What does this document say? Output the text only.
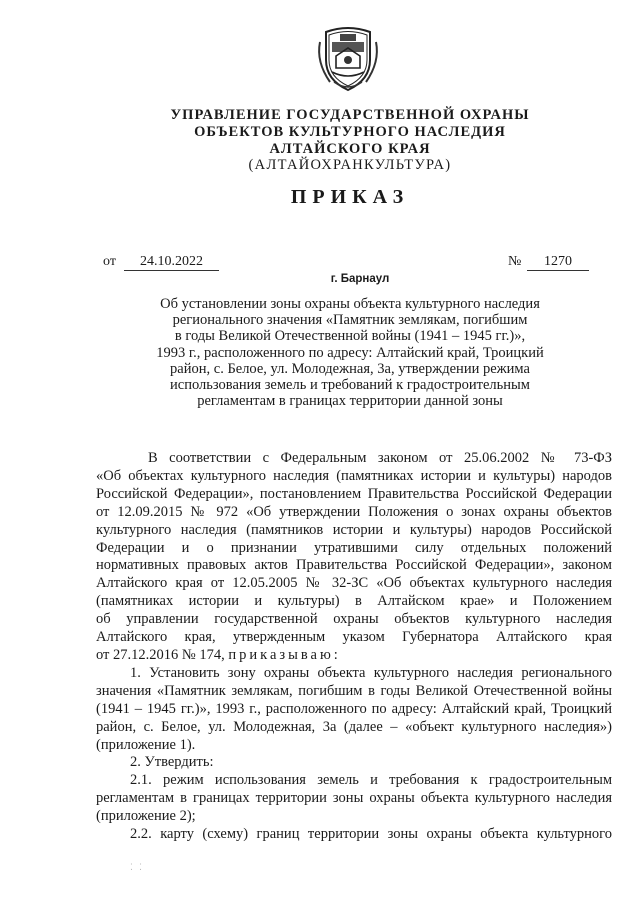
УПРАВЛЕНИЕ ГОСУДАРСТВЕННОЙ ОХРАНЫ
ОБЪЕКТОВ КУЛЬТУРНОГО НАСЛЕДИЯ
АЛТАЙСКОГО КРАЯ
(АЛТАЙОХРАНКУЛЬТУРА)
ПРИКАЗ
от	24.10.2022	№	1270
г. Барнаул
Об установлении зоны охраны объекта культурного наследия
регионального значения «Памятник землякам, погибшим
в годы Великой Отечественной войны (1941 – 1945 гг.)»,
1993 г., расположенного по адресу: Алтайский край, Троицкий
район, с. Белое, ул. Молодежная, 3а, утверждении режима
использования земель и требований к градостроительным
регламентам в границах территории данной зоны
В соответствии с Федеральным законом от 25.06.2002 № 73-ФЗ
«Об объектах культурного наследия (памятниках истории и культуры) народов
Российской Федерации», постановлением Правительства Российской Федерации
от 12.09.2015 № 972 «Об утверждении Положения о зонах охраны объектов
культурного наследия (памятников истории и культуры) народов Российской
Федерации и о признании утратившими силу отдельных положений
нормативных правовых актов Правительства Российской Федерации», законом
Алтайского края от 12.05.2005 № 32-ЗС «Об объектах культурного наследия
(памятниках истории и культуры) в Алтайском крае» и Положением
об управлении государственной охраны объектов культурного наследия
Алтайского края, утвержденным указом Губернатора Алтайского края
от 27.12.2016 № 174, приказываю:
1. Установить зону охраны объекта культурного наследия регионального
значения «Памятник землякам, погибшим в годы Великой Отечественной войны
(1941 – 1945 гг.)», 1993 г., расположенного по адресу: Алтайский край, Троицкий
район, с. Белое, ул. Молодежная, 3а (далее – «объект культурного наследия»)
(приложение 1).
2. Утвердить:
2.1. режим использования земель и требования к градостроительным
регламентам в границах территории зоны охраны объекта культурного наследия
(приложение 2);
2.2. карту (схему) границ территории зоны охраны объекта культурного
⁚ ⁚
